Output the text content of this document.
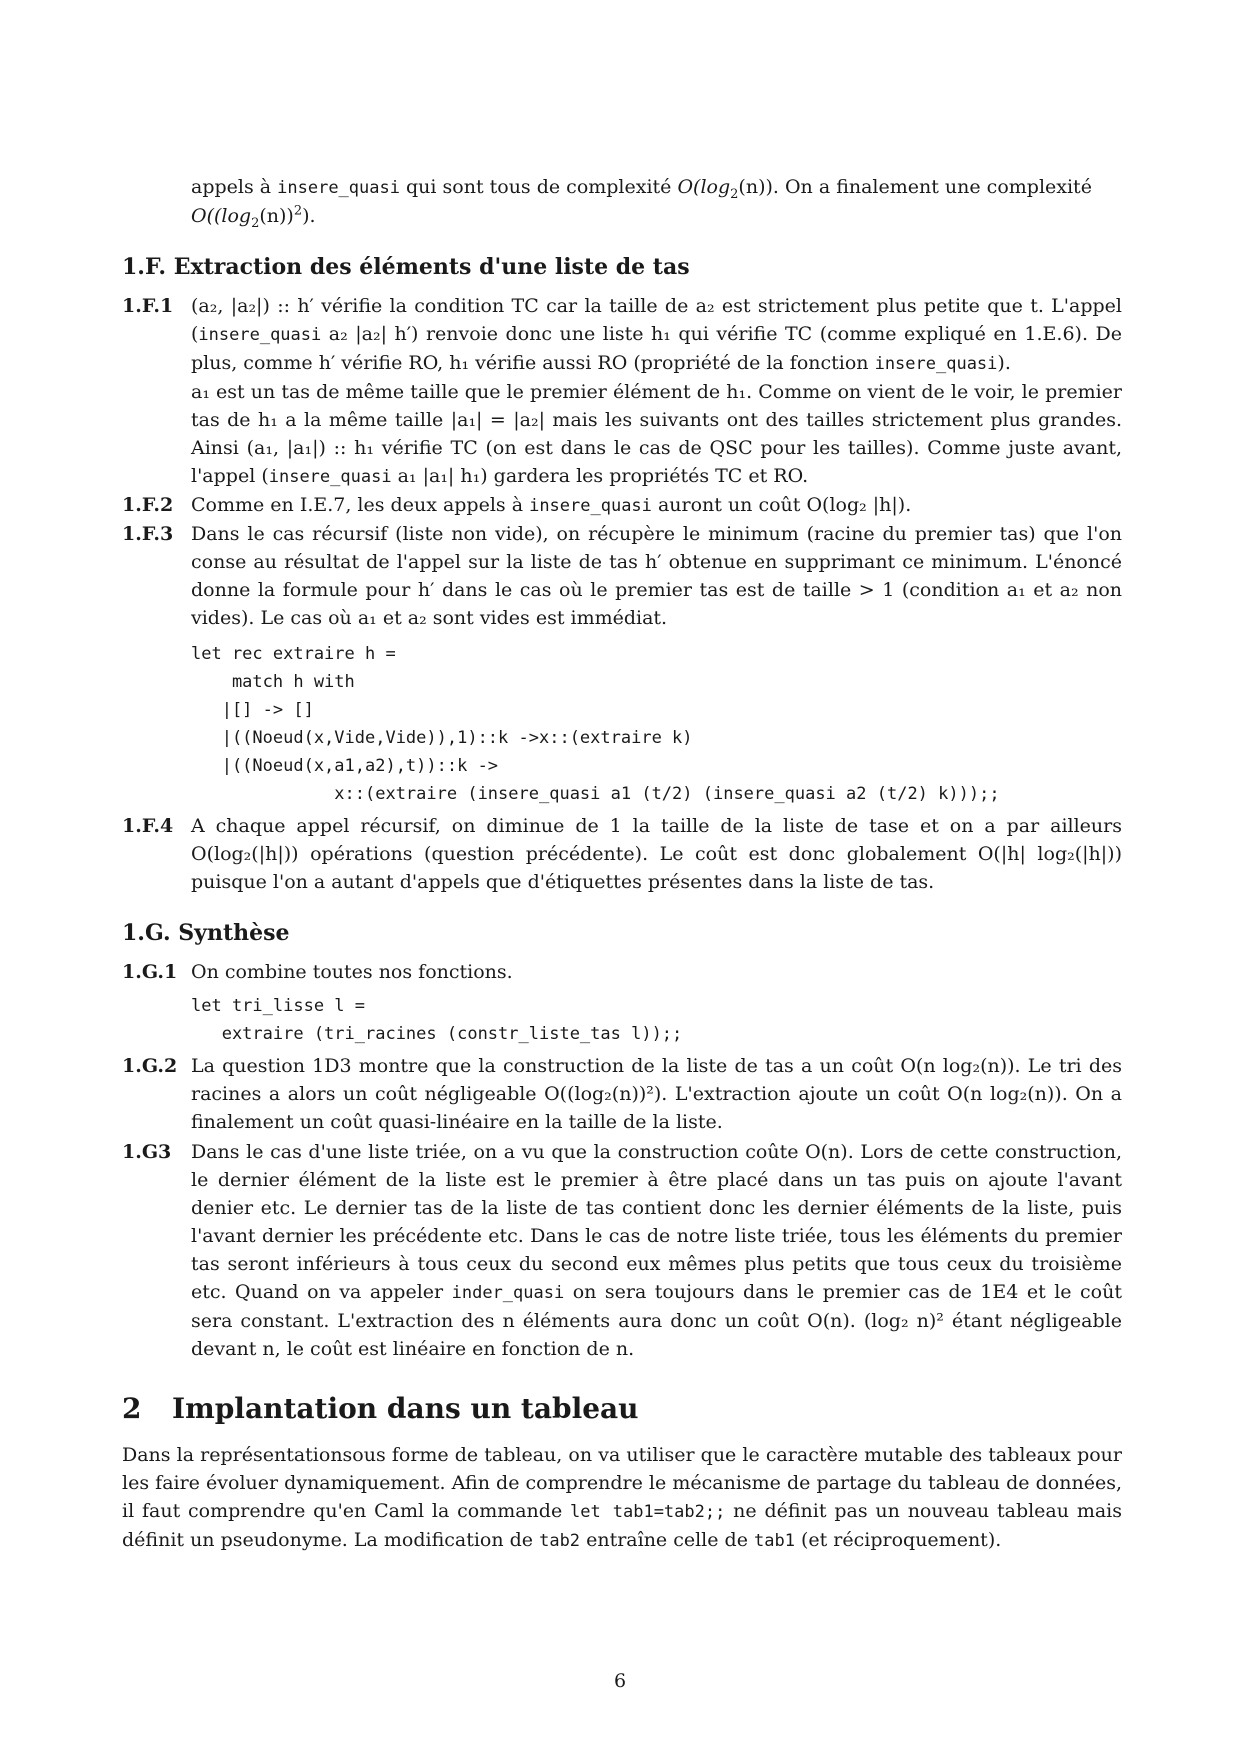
appels à insere_quasi qui sont tous de complexité $O(\log_2(n))$. On a finalement une complexité

$O((\log_2(n))^2)$.

1.F. Extraction des éléments d'une liste de tas
1.F.1 (a₂, |a₂|) :: h′ vérifie la condition TC car la taille de a₂ est strictement plus petite que t. L'appel (insere_quasi a₂ |a₂| h′) renvoie donc une liste h₁ qui vérifie TC (comme expliqué en 1.E.6). De plus, comme h′ vérifie RO, h₁ vérifie aussi RO (propriété de la fonction insere_quasi).

a₁ est un tas de même taille que le premier élément de h₁. Comme on vient de le voir, le premier tas de h₁ a la même taille |a₁| = |a₂| mais les suivants ont des tailles strictement plus grandes. Ainsi (a₁, |a₁|) :: h₁ vérifie TC (on est dans le cas de QSC pour les tailles). Comme juste avant, l'appel (insere_quasi a₁ |a₁| h₁) gardera les propriétés TC et RO.

1.F.2 Comme en I.E.7, les deux appels à insere_quasi auront un coût O(log₂ |h|).

1.F.3 Dans le cas récursif (liste non vide), on récupère le minimum (racine du premier tas) que l'on conse au résultat de l'appel sur la liste de tas h′ obtenue en supprimant ce minimum. L'énoncé donne la formule pour h′ dans le cas où le premier tas est de taille > 1 (condition a₁ et a₂ non vides). Le cas où a₁ et a₂ sont vides est immédiat.

let rec extraire h =
match h with
|[] -> []
|((Noeud(x,Vide,Vide)),1)::k ->x::(extraire k)
|((Noeud(x,a1,a2),t))::k ->
x::(extraire (insere_quasi a1 (t/2) (insere_quasi a2 (t/2) k)));;
1.F.4 A chaque appel récursif, on diminue de 1 la taille de la liste de tase et on a par ailleurs O(log₂(|h|)) opérations (question précédente). Le coût est donc globalement O(|h| log₂(|h|)) puisque l'on a autant d'appels que d'étiquettes présentes dans la liste de tas.

1.G. Synthèse
1.G.1 On combine toutes nos fonctions.

let tri_lisse l =
extraire (tri_racines (constr_liste_tas l));;
1.G.2 La question 1D3 montre que la construction de la liste de tas a un coût O(n log₂(n)). Le tri des racines a alors un coût négligeable O((log₂(n))²). L'extraction ajoute un coût O(n log₂(n)). On a finalement un coût quasi-linéaire en la taille de la liste.

1.G3	Dans le cas d'une liste triée, on a vu que la construction coûte O(n). Lors de cette construction, le dernier élément de la liste est le premier à être placé dans un tas puis on ajoute l'avant denier etc. Le dernier tas de la liste de tas contient donc les dernier éléments de la liste, puis l'avant dernier les précédente etc. Dans le cas de notre liste triée, tous les éléments du premier tas seront inférieurs à tous ceux du second eux mêmes plus petits que tous ceux du troisième etc. Quand on va appeler inder_quasi on sera toujours dans le premier cas de 1E4 et le coût sera constant. L'extraction des n éléments aura donc un coût O(n). (log₂ n)² étant négligeable devant n, le coût est linéaire en fonction de n.

2 Implantation dans un tableau

Dans la représentationsous forme de tableau, on va utiliser que le caractère mutable des tableaux pour les faire évoluer dynamiquement. Afin de comprendre le mécanisme de partage du tableau de données, il faut comprendre qu'en Caml la commande let tab1=tab2;; ne définit pas un nouveau tableau mais définit un pseudonyme. La modification de tab2 entraîne celle de tab1 (et réciproquement).

6
